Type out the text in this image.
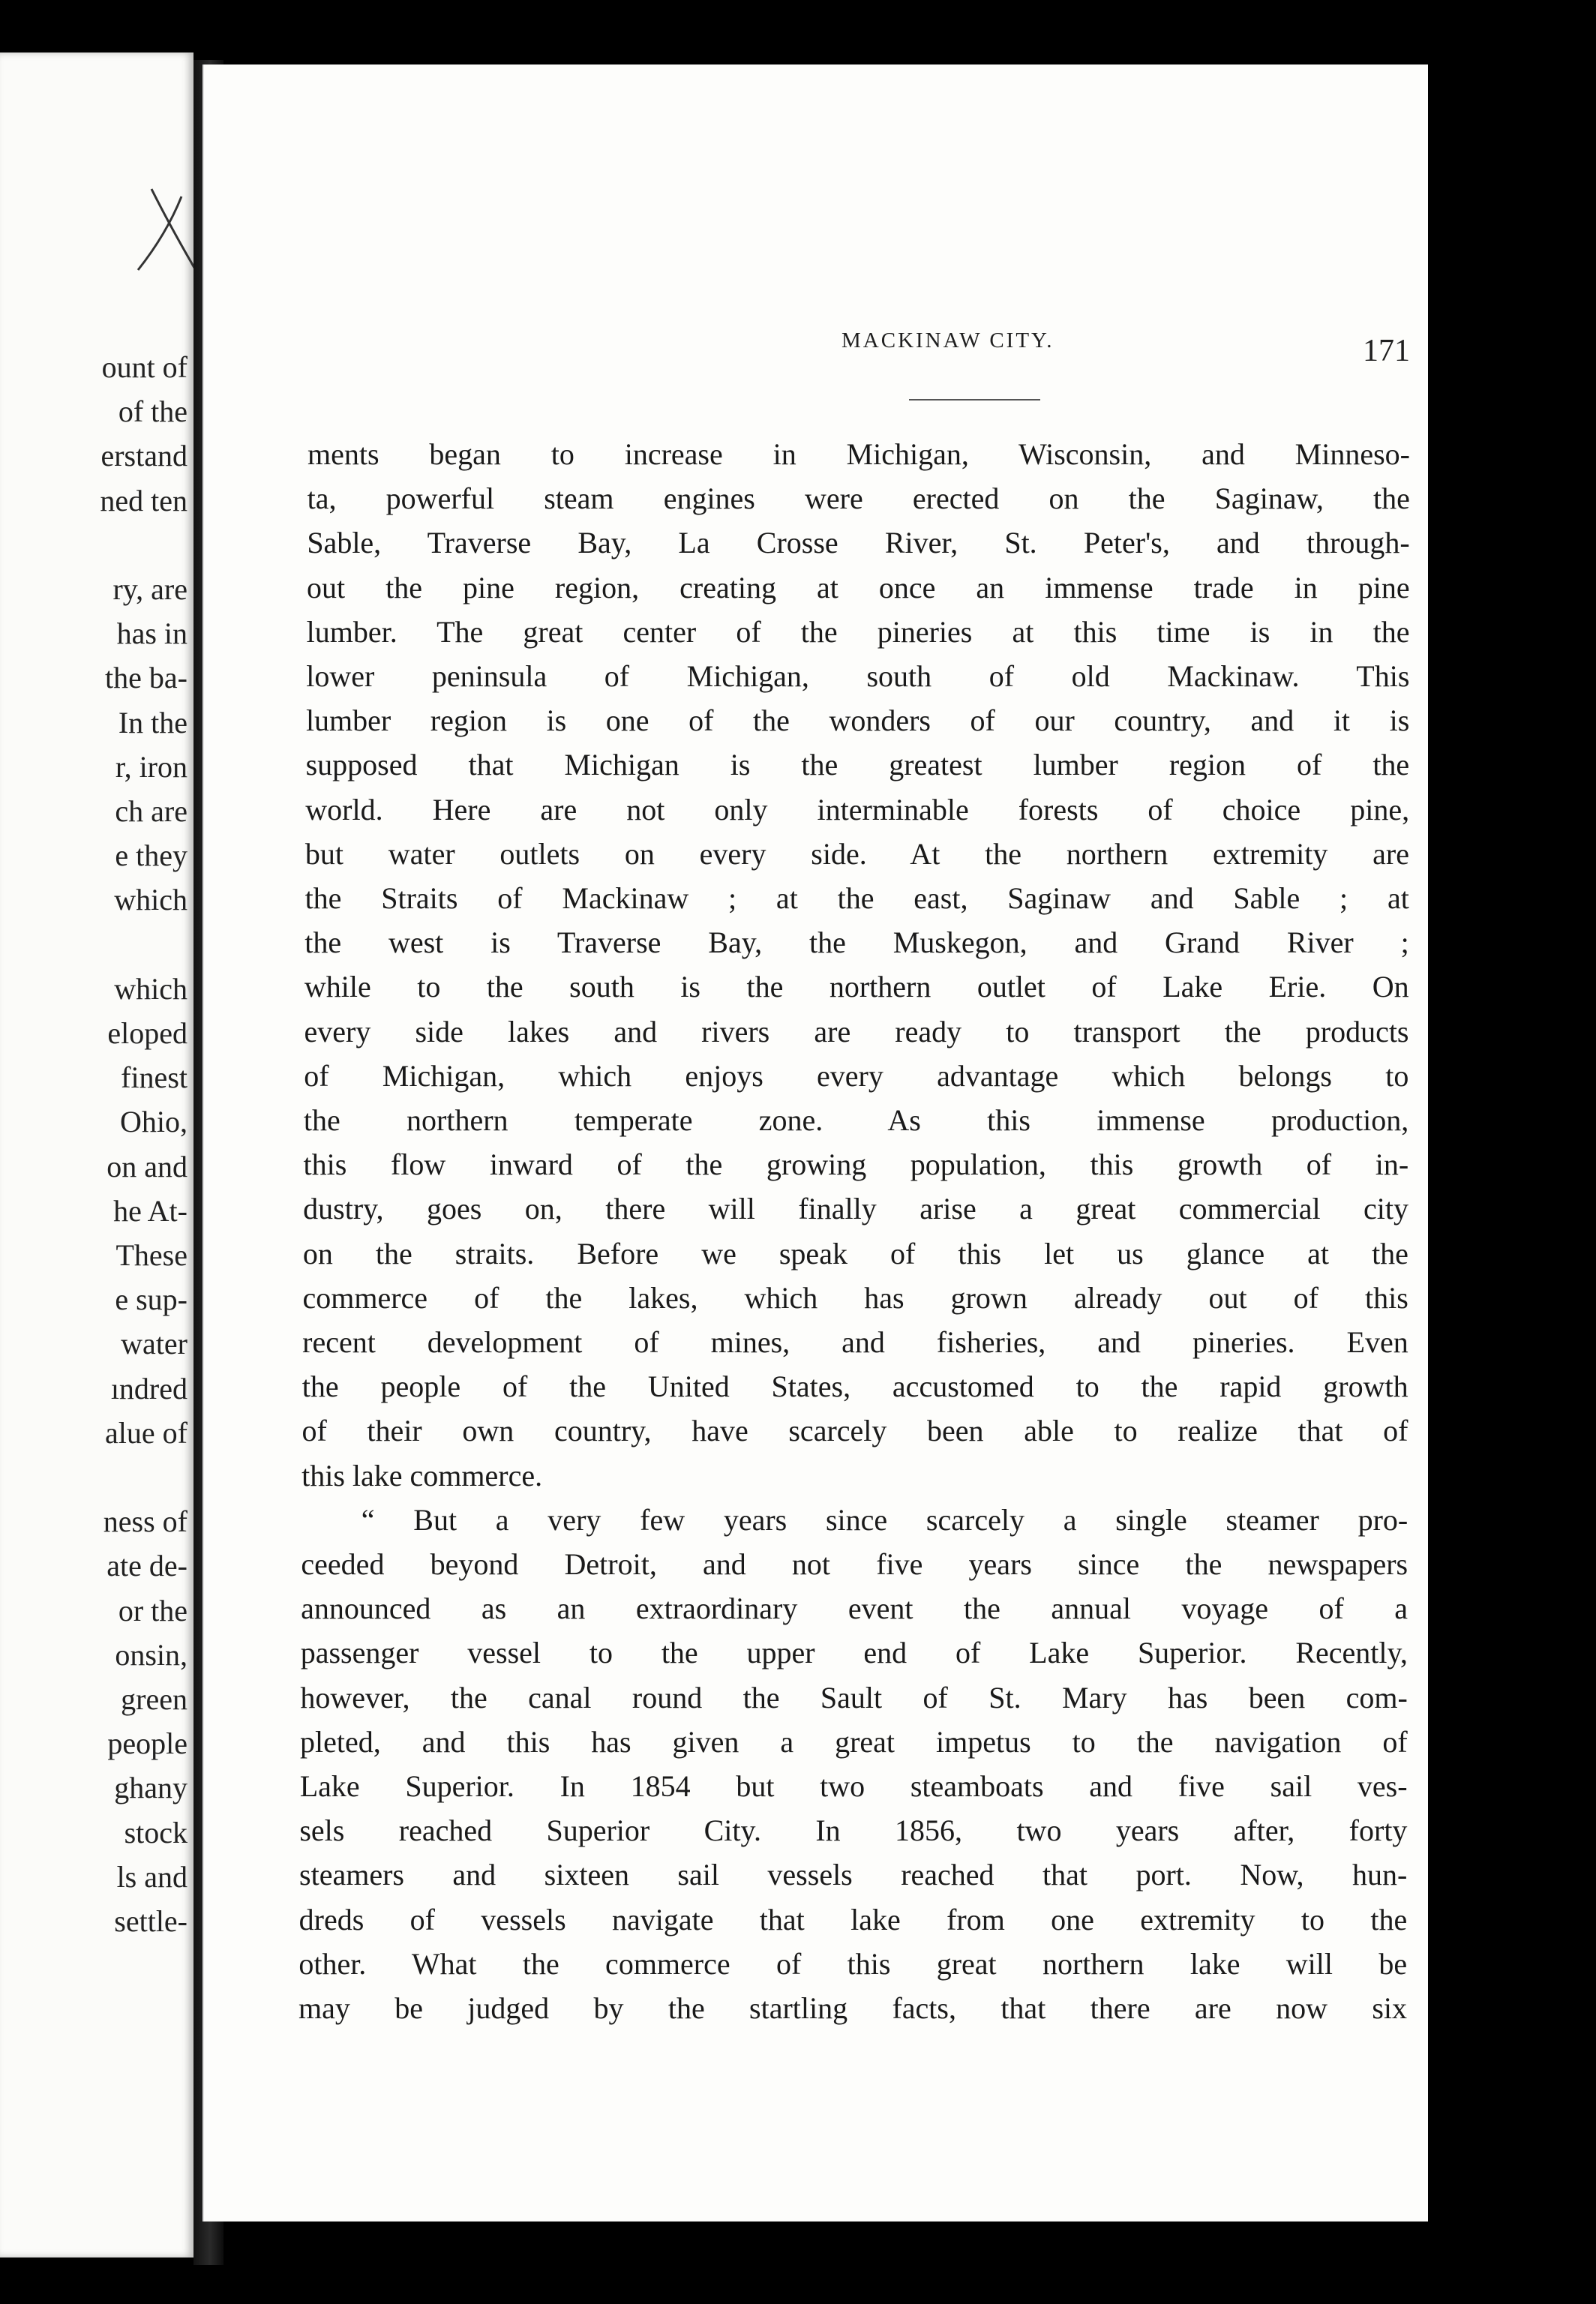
ount of
of the
erstand
ned ten
ry, are
has in
the ba-
In the
r, iron
ch are
e they
which
which
eloped
finest
Ohio,
on and
he At-
These
e sup-
water
ındred
alue of
ness of
ate de-
or the
onsin,
green
people
ghany
stock
ls and
settle-
MACKINAW CITY.	171
ments began to increase in Michigan, Wisconsin, and Minneso-
ta, powerful steam engines were erected on the Saginaw, the
Sable, Traverse Bay, La Crosse River, St. Peter's, and through-
out the pine region, creating at once an immense trade in pine
lumber. The great center of the pineries at this time is in the
lower peninsula of Michigan, south of old Mackinaw. This
lumber region is one of the wonders of our country, and it is
supposed that Michigan is the greatest lumber region of the
world. Here are not only interminable forests of choice pine,
but water outlets on every side. At the northern extremity are
the Straits of Mackinaw ; at the east, Saginaw and Sable ; at
the west is Traverse Bay, the Muskegon, and Grand River ;
while to the south is the northern outlet of Lake Erie. On
every side lakes and rivers are ready to transport the products
of Michigan, which enjoys every advantage which belongs to
the northern temperate zone. As this immense production,
this flow inward of the growing population, this growth of in-
dustry, goes on, there will finally arise a great commercial city
on the straits. Before we speak of this let us glance at the
commerce of the lakes, which has grown already out of this
recent development of mines, and fisheries, and pineries. Even
the people of the United States, accustomed to the rapid growth
of their own country, have scarcely been able to realize that of
this lake commerce.
“ But a very few years since scarcely a single steamer pro-
ceeded beyond Detroit, and not five years since the newspapers
announced as an extraordinary event the annual voyage of a
passenger vessel to the upper end of Lake Superior. Recently,
however, the canal round the Sault of St. Mary has been com-
pleted, and this has given a great impetus to the navigation of
Lake Superior. In 1854 but two steamboats and five sail ves-
sels reached Superior City. In 1856, two years after, forty
steamers and sixteen sail vessels reached that port. Now, hun-
dreds of vessels navigate that lake from one extremity to the
other. What the commerce of this great northern lake will be
may be judged by the startling facts, that there are now six
